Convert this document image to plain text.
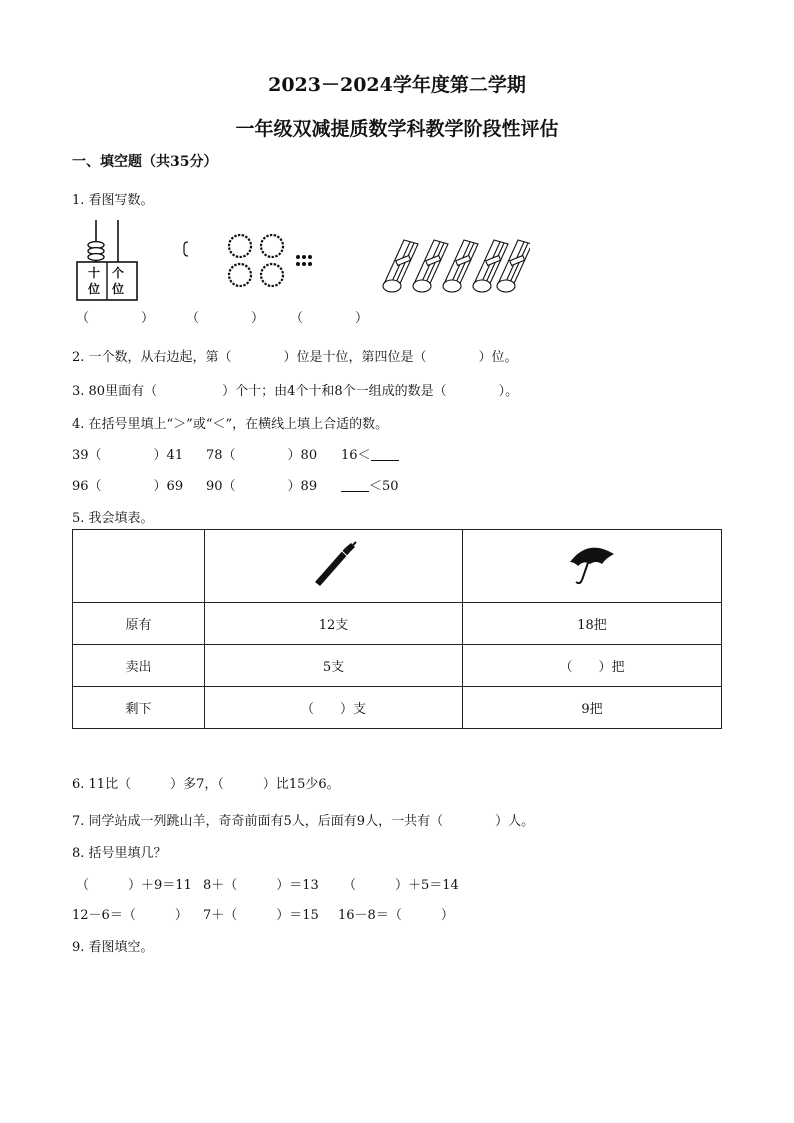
2023－2024学年度第二学期
一年级双减提质数学科教学阶段性评估
一、填空题（共35分）
1. 看图写数。
十
位
个
位
（　　　　） （　　　　） （　　　　）
2. 一个数，从右边起，第（　　　　）位是十位，第四位是（　　　　）位。
3. 80里面有（　　　　　）个十；由4个十和8个一组成的数是（　　　　）。
4. 在括号里填上“＞”或“＜”，在横线上填上合适的数。
39（　　　　）41 78（　　　　）80 16＜
96（　　　　）69 90（　　　　）89	＜50
5. 我会填表。

原有	12支	18把
卖出	5支	（　　）把
剩下	（　　）支	9把
6. 11比（　　　）多7，（　　　）比15少6。
7. 同学站成一列跳山羊，奇奇前面有5人，后面有9人，一共有（　　　　）人。
8. 括号里填几？
（　　　）＋9＝11 8＋（　　　）＝13 （　　　）＋5＝14
12－6＝（　　　） 7＋（　　　）＝15 16－8＝（　　　）
9. 看图填空。
